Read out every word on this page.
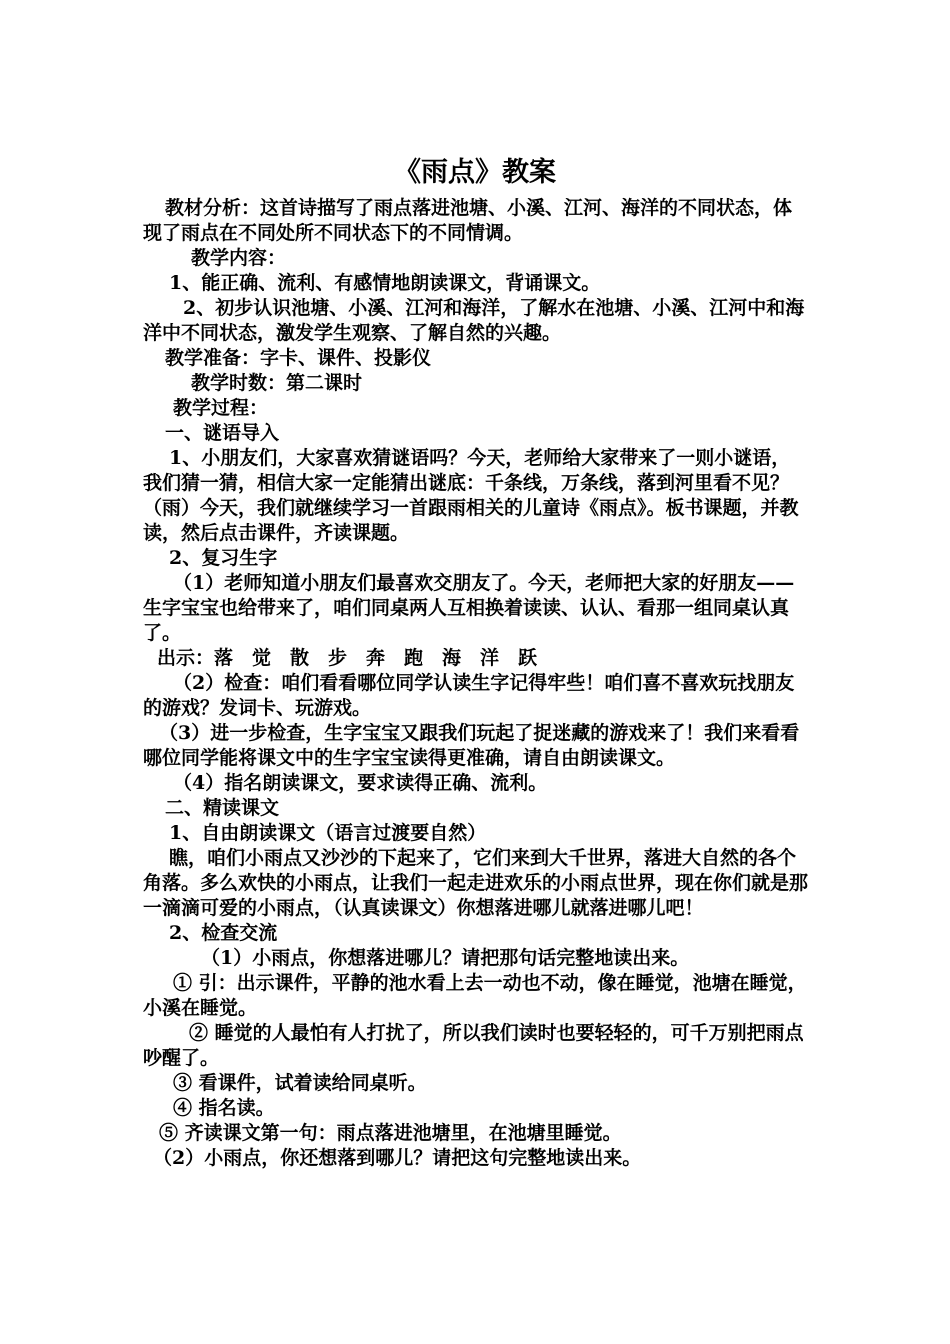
《雨点》教案

教材分析：这首诗描写了雨点落进池塘、小溪、江河、海洋的不同状态，体现了雨点在不同处所不同状态下的不同情调。

教学内容：

1、能正确、流利、有感情地朗读课文，背诵课文。

2、初步认识池塘、小溪、江河和海洋，了解水在池塘、小溪、江河中和海洋中不同状态，激发学生观察、了解自然的兴趣。

教学准备：字卡、课件、投影仪

教学时数：第二课时

教学过程：

一、谜语导入

1、小朋友们，大家喜欢猜谜语吗？今天，老师给大家带来了一则小谜语，我们猜一猜，相信大家一定能猜出谜底：千条线，万条线，落到河里看不见？（雨）今天，我们就继续学习一首跟雨相关的儿童诗《雨点》。板书课题，并教读，然后点击课件，齐读课题。

2、复习生字

（1）老师知道小朋友们最喜欢交朋友了。今天，老师把大家的好朋友——生字宝宝也给带来了，咱们同桌两人互相换着读读、认认、看那一组同桌认真了。

出示：落　觉　散　步　奔　跑　海　洋　跃

（2）检查：咱们看看哪位同学认读生字记得牢些！咱们喜不喜欢玩找朋友的游戏？发词卡、玩游戏。

（3）进一步检查，生字宝宝又跟我们玩起了捉迷藏的游戏来了！我们来看看哪位同学能将课文中的生字宝宝读得更准确，请自由朗读课文。

（4）指名朗读课文，要求读得正确、流利。

二、精读课文

1、自由朗读课文（语言过渡要自然）

瞧，咱们小雨点又沙沙的下起来了，它们来到大千世界，落进大自然的各个角落。多么欢快的小雨点，让我们一起走进欢乐的小雨点世界，现在你们就是那一滴滴可爱的小雨点，（认真读课文）你想落进哪儿就落进哪儿吧！

2、检查交流

（1）小雨点，你想落进哪儿？请把那句话完整地读出来。

① 引：出示课件，平静的池水看上去一动也不动，像在睡觉，池塘在睡觉，小溪在睡觉。

② 睡觉的人最怕有人打扰了，所以我们读时也要轻轻的，可千万别把雨点吵醒了。

③ 看课件，试着读给同桌听。

④ 指名读。

⑤ 齐读课文第一句：雨点落进池塘里，在池塘里睡觉。

（2）小雨点，你还想落到哪儿？请把这句完整地读出来。
